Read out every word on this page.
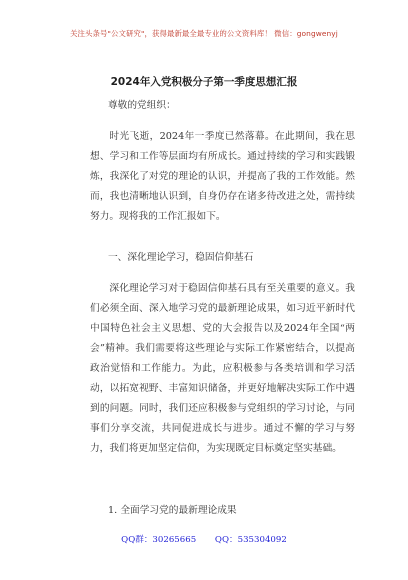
关注头条号"公文研究"，获得最新最全最专业的公文资料库！ 微信：gongwenyj
2024年入党积极分子第一季度思想汇报
尊敬的党组织：

时光飞逝，2024年一季度已然落幕。在此期间，我在思想、学习和工作等层面均有所成长。通过持续的学习和实践锻炼，我深化了对党的理论的认识，并提高了我的工作效能。然而，我也清晰地认识到，自身仍存在诸多待改进之处，需持续努力。现将我的工作汇报如下。

一、深化理论学习，稳固信仰基石

深化理论学习对于稳固信仰基石具有至关重要的意义。我们必须全面、深入地学习党的最新理论成果，如习近平新时代中国特色社会主义思想、党的大会报告以及2024年全国“两会”精神。我们需要将这些理论与实际工作紧密结合，以提高政治觉悟和工作能力。为此，应积极参与各类培训和学习活动，以拓宽视野、丰富知识储备，并更好地解决实际工作中遇到的问题。同时，我们还应积极参与党组织的学习讨论，与同事们分享交流，共同促进成长与进步。通过不懈的学习与努力，我们将更加坚定信仰，为实现既定目标奠定坚实基础。

1. 全面学习党的最新理论成果
QQ群：30265665 QQ：535304092
